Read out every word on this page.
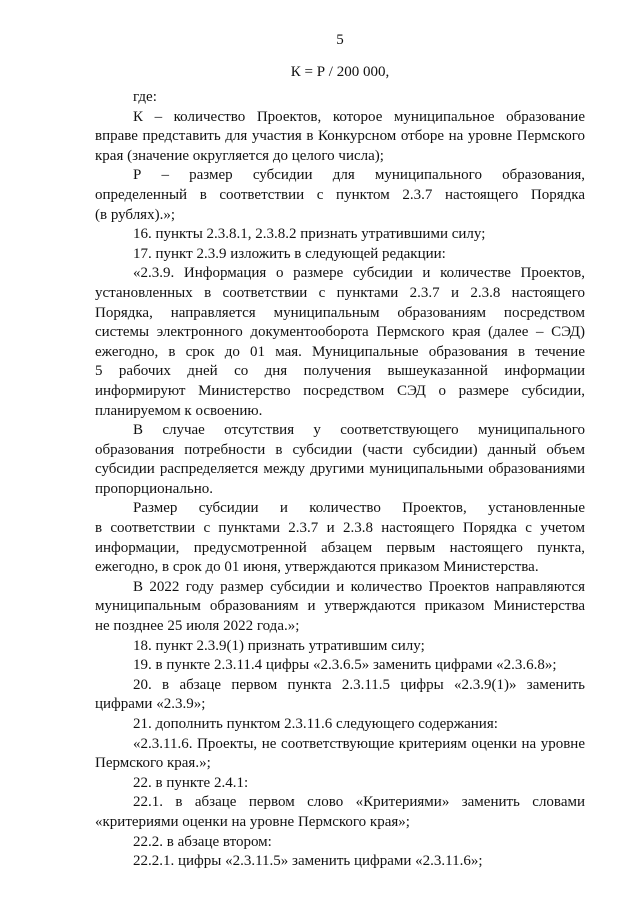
5
К = Р / 200 000,
где:
К – количество Проектов, которое муниципальное образование
вправе представить для участия в Конкурсном отборе на уровне Пермского
края (значение округляется до целого числа);
Р – размер субсидии для муниципального образования,
определенный в соответствии с пунктом 2.3.7 настоящего Порядка
(в рублях).»;
16. пункты 2.3.8.1, 2.3.8.2 признать утратившими силу;
17. пункт 2.3.9 изложить в следующей редакции:
«2.3.9. Информация о размере субсидии и количестве Проектов,
установленных в соответствии с пунктами 2.3.7 и 2.3.8 настоящего
Порядка, направляется муниципальным образованиям посредством
системы электронного документооборота Пермского края (далее – СЭД)
ежегодно, в срок до 01 мая. Муниципальные образования в течение
5 рабочих дней со дня получения вышеуказанной информации
информируют Министерство посредством СЭД о размере субсидии,
планируемом к освоению.
В случае отсутствия у соответствующего муниципального
образования потребности в субсидии (части субсидии) данный объем
субсидии распределяется между другими муниципальными образованиями
пропорционально.
Размер субсидии и количество Проектов, установленные
в соответствии с пунктами 2.3.7 и 2.3.8 настоящего Порядка с учетом
информации, предусмотренной абзацем первым настоящего пункта,
ежегодно, в срок до 01 июня, утверждаются приказом Министерства.
В 2022 году размер субсидии и количество Проектов направляются
муниципальным образованиям и утверждаются приказом Министерства
не позднее 25 июля 2022 года.»;
18. пункт 2.3.9(1) признать утратившим силу;
19. в пункте 2.3.11.4 цифры «2.3.6.5» заменить цифрами «2.3.6.8»;
20. в абзаце первом пункта 2.3.11.5 цифры «2.3.9(1)» заменить
цифрами «2.3.9»;
21. дополнить пунктом 2.3.11.6 следующего содержания:
«2.3.11.6. Проекты, не соответствующие критериям оценки на уровне
Пермского края.»;
22. в пункте 2.4.1:
22.1. в абзаце первом слово «Критериями» заменить словами
«критериями оценки на уровне Пермского края»;
22.2. в абзаце втором:
22.2.1. цифры «2.3.11.5» заменить цифрами «2.3.11.6»;
